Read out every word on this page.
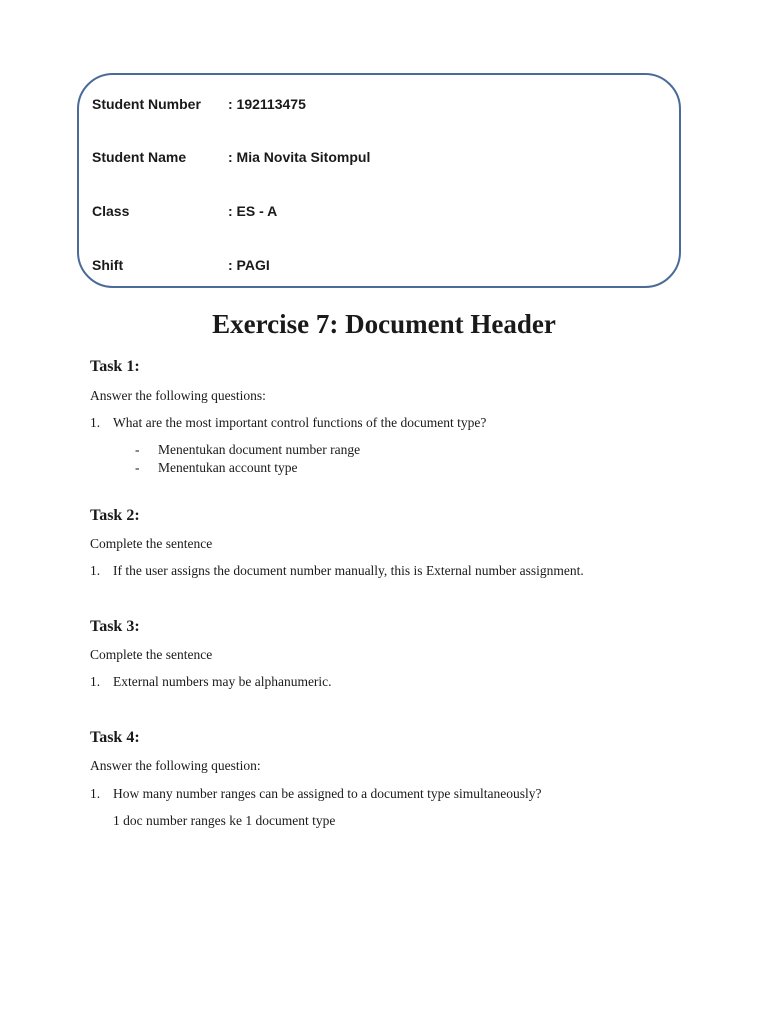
Student Number : 192113475
Student Name	: Mia Novita Sitompul
Class	: ES - A
Shift	: PAGI
Exercise 7: Document Header
Task 1:
Answer the following questions:
1. What are the most important control functions of the document type?
- Menentukan document number range
- Menentukan account type
Task 2:
Complete the sentence
1. If the user assigns the document number manually, this is External number assignment.
Task 3:
Complete the sentence
1. External numbers may be alphanumeric.
Task 4:
Answer the following question:
1. How many number ranges can be assigned to a document type simultaneously?
1 doc number ranges ke 1 document type
